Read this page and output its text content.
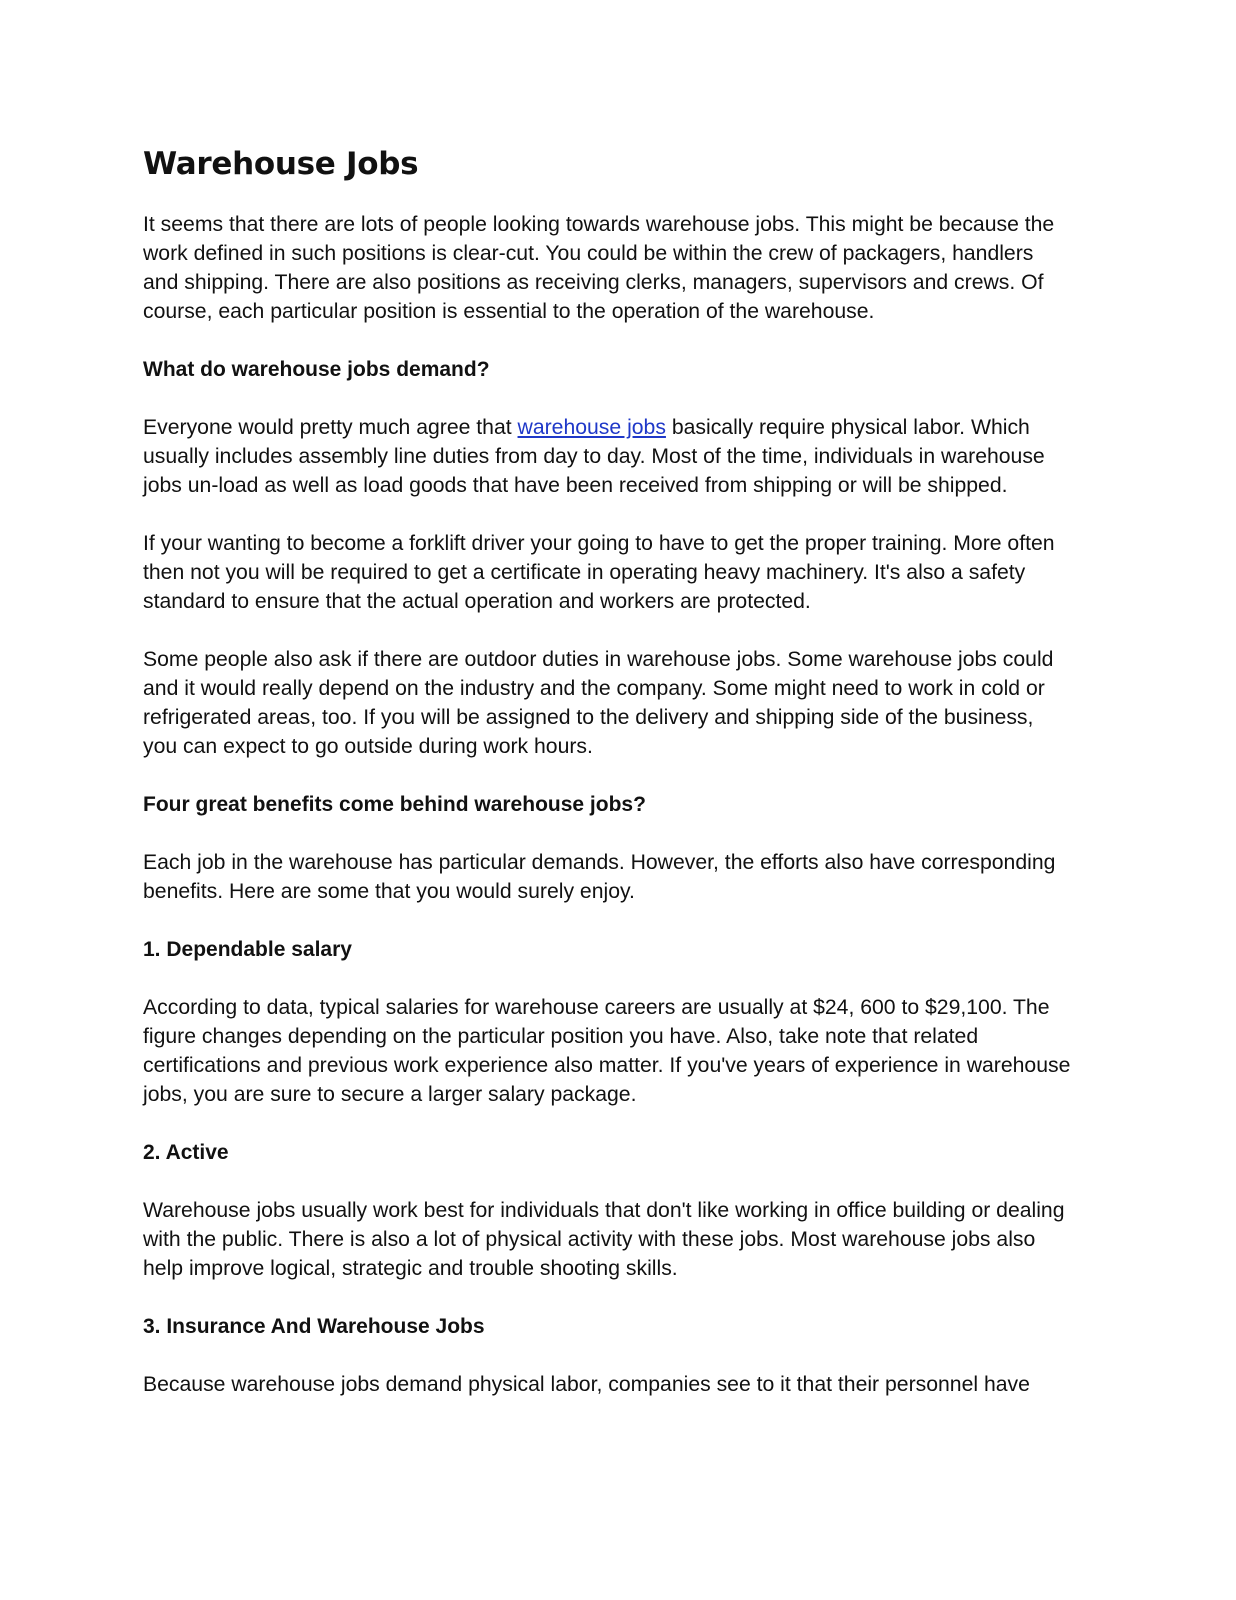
Warehouse Jobs

It seems that there are lots of people looking towards warehouse jobs. This might be because the work defined in such positions is clear-cut. You could be within the crew of packagers, handlers and shipping. There are also positions as receiving clerks, managers, supervisors and crews. Of course, each particular position is essential to the operation of the warehouse.

What do warehouse jobs demand?

Everyone would pretty much agree that warehouse jobs basically require physical labor. Which usually includes assembly line duties from day to day. Most of the time, individuals in warehouse jobs un-load as well as load goods that have been received from shipping or will be shipped.

If your wanting to become a forklift driver your going to have to get the proper training. More often then not you will be required to get a certificate in operating heavy machinery. It's also a safety standard to ensure that the actual operation and workers are protected.

Some people also ask if there are outdoor duties in warehouse jobs. Some warehouse jobs could and it would really depend on the industry and the company. Some might need to work in cold or refrigerated areas, too. If you will be assigned to the delivery and shipping side of the business, you can expect to go outside during work hours.

Four great benefits come behind warehouse jobs?

Each job in the warehouse has particular demands. However, the efforts also have corresponding benefits. Here are some that you would surely enjoy.

1. Dependable salary

According to data, typical salaries for warehouse careers are usually at $24, 600 to $29,100. The figure changes depending on the particular position you have. Also, take note that related certifications and previous work experience also matter. If you've years of experience in warehouse jobs, you are sure to secure a larger salary package.

2. Active

Warehouse jobs usually work best for individuals that don't like working in office building or dealing with the public. There is also a lot of physical activity with these jobs. Most warehouse jobs also help improve logical, strategic and trouble shooting skills.

3. Insurance And Warehouse Jobs

Because warehouse jobs demand physical labor, companies see to it that their personnel have
